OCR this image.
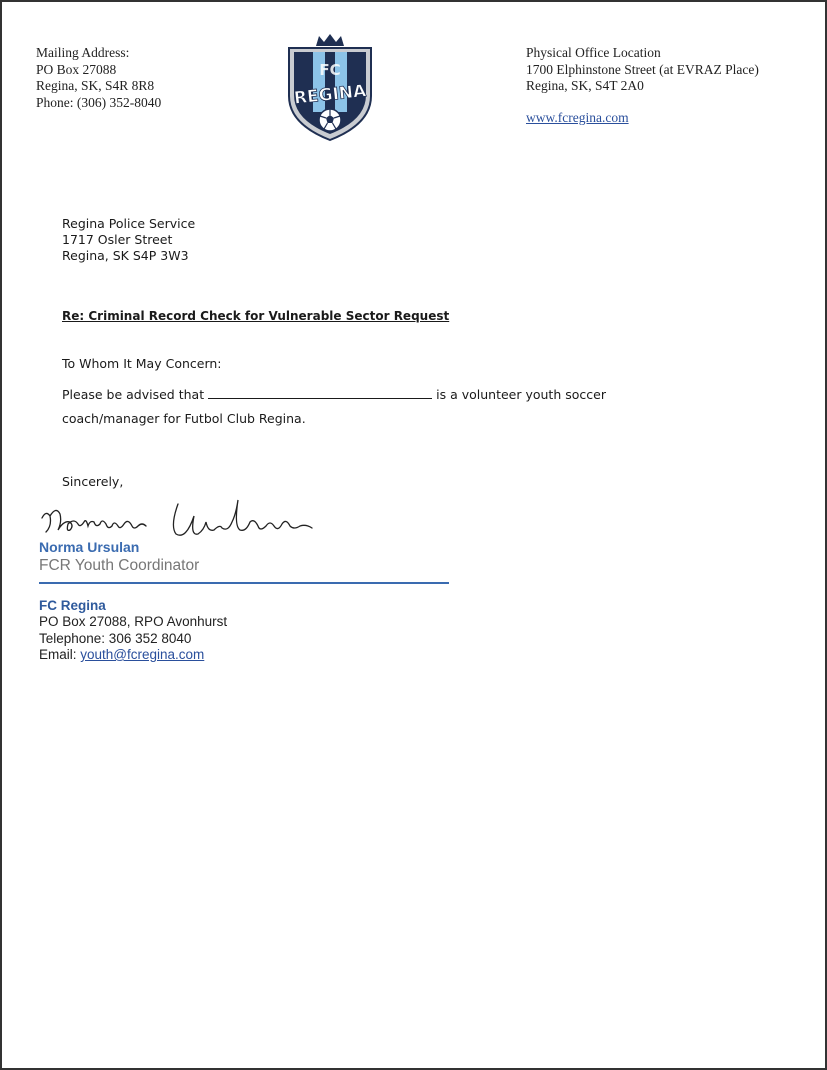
Mailing Address:
PO Box 27088
Regina, SK, S4R 8R8
Phone: (306) 352-8040
FC
REGINA
Physical Office Location
1700 Elphinstone Street (at EVRAZ Place)
Regina, SK, S4T 2A0
www.fcregina.com
Regina Police Service
1717 Osler Street
Regina, SK S4P 3W3
Re: Criminal Record Check for Vulnerable Sector Request
To Whom It May Concern:
Please be advised that	is a volunteer youth soccer
coach/manager for Futbol Club Regina.
Sincerely,
Norma Ursulan
FCR Youth Coordinator
FC Regina
PO Box 27088, RPO Avonhurst
Telephone: 306 352 8040
Email: youth@fcregina.com
